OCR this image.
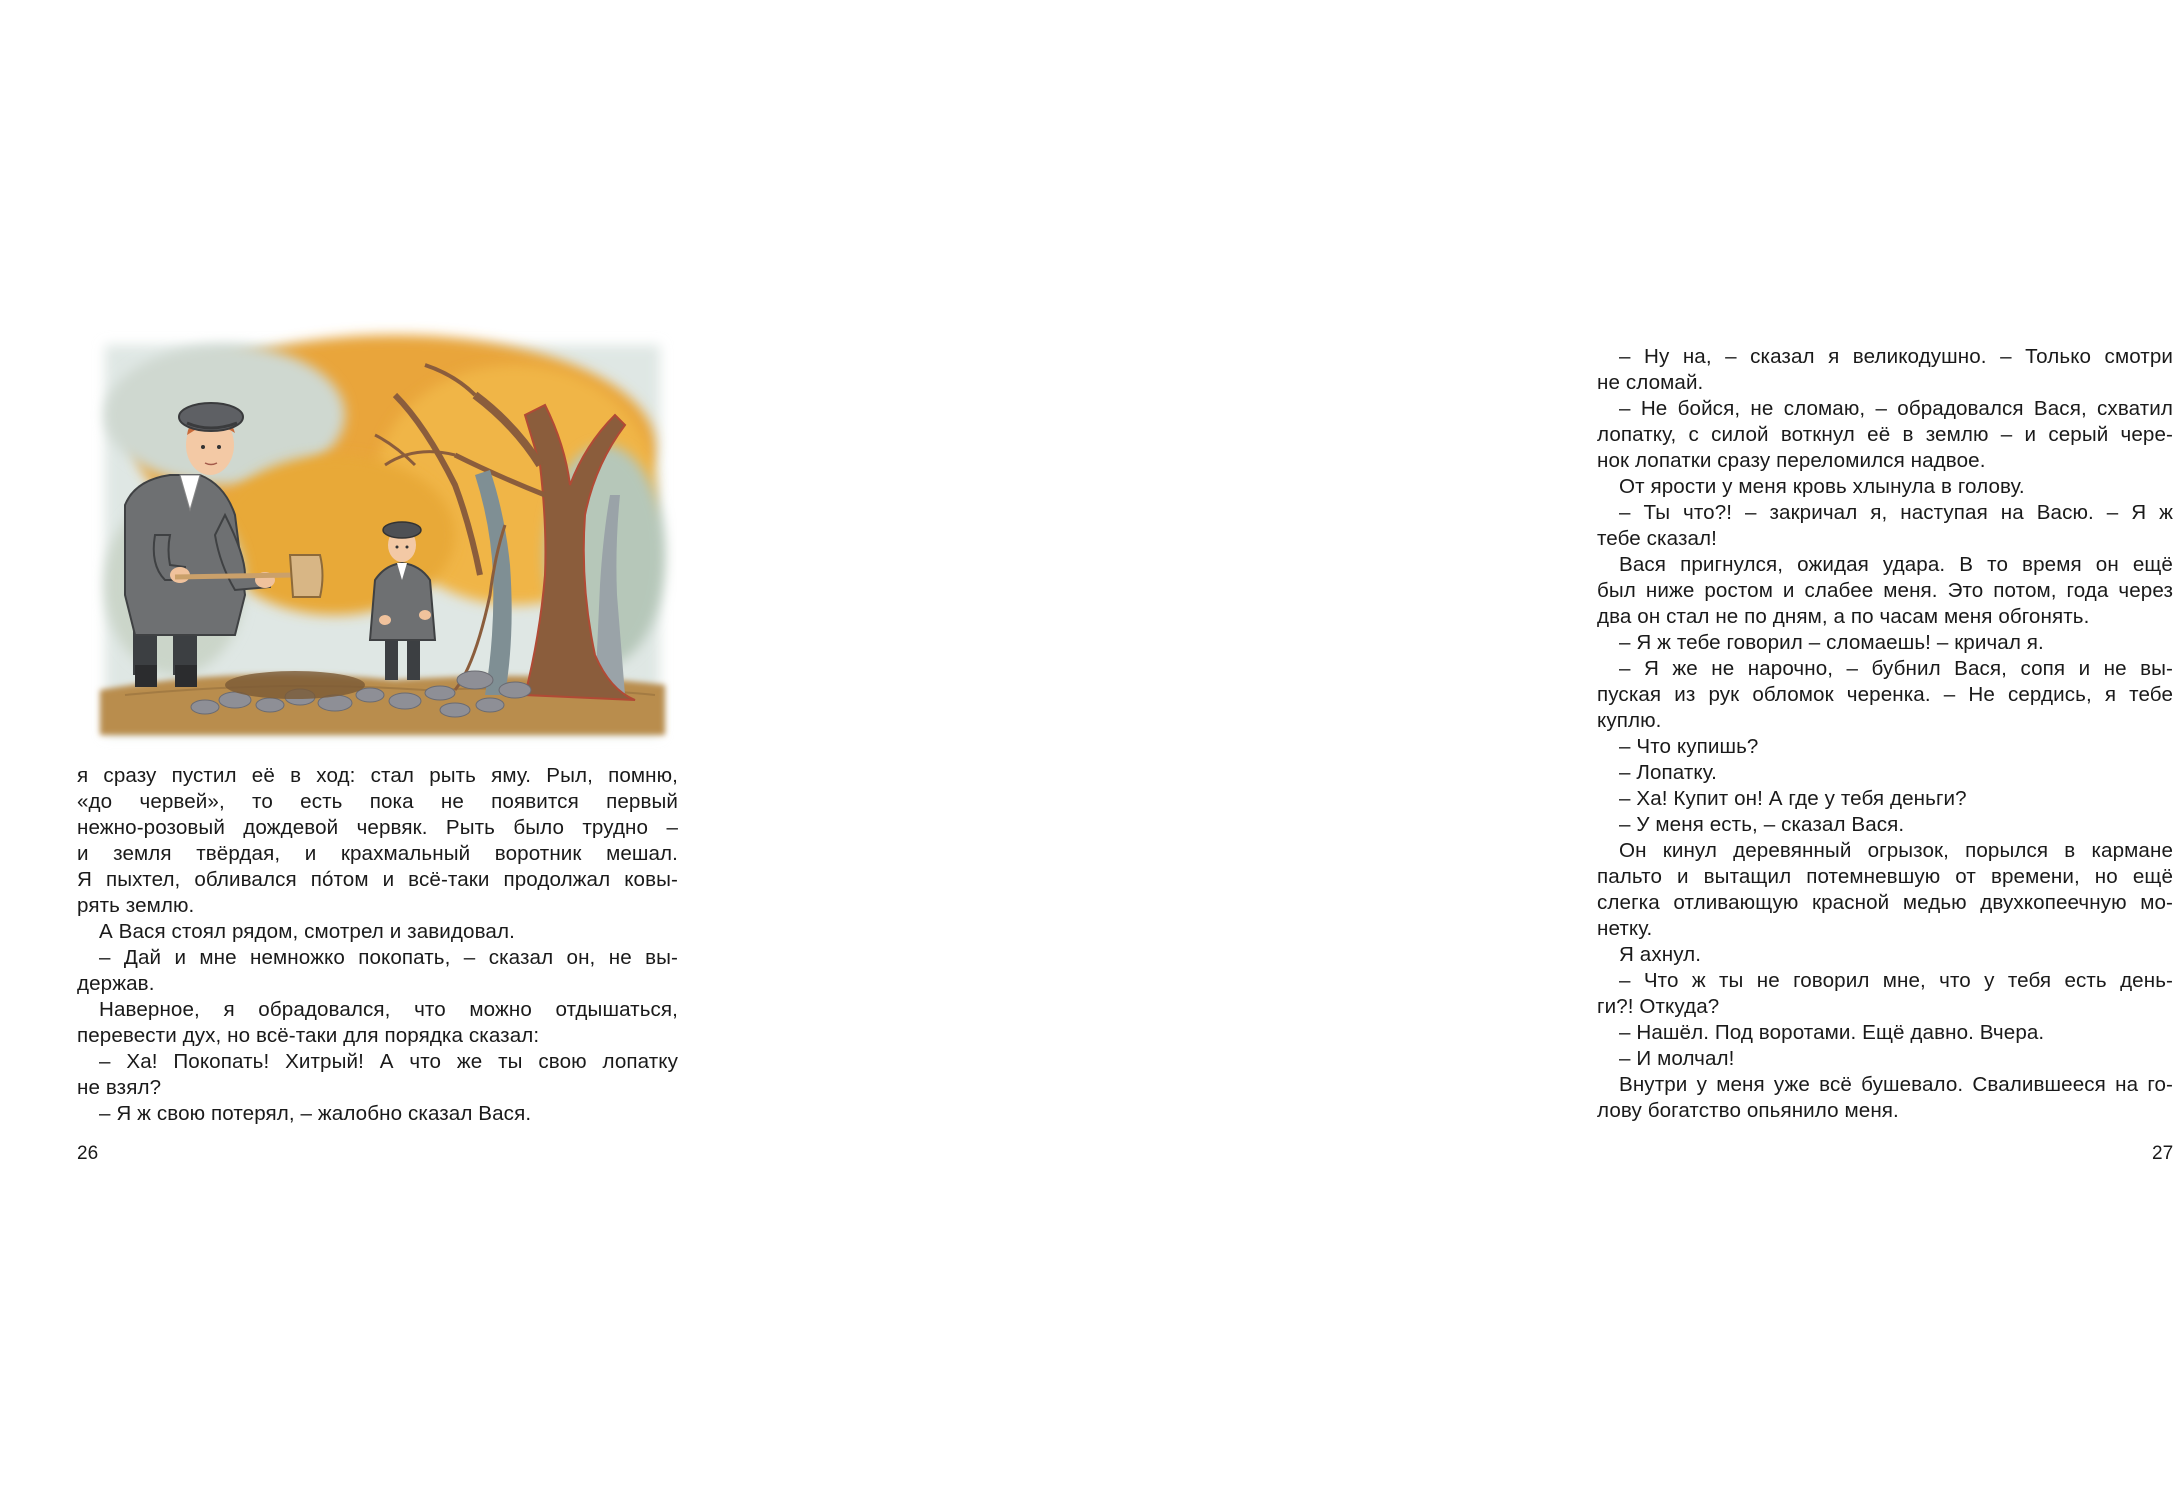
я сразу пустил её в ход: стал рыть яму. Рыл, помню,
«до червей», то есть пока не появится первый
нежно-розовый дождевой червяк. Рыть было трудно –
и земля твёрдая, и крахмальный воротник мешал.
Я пыхтел, обливался пóтом и всё-таки продолжал ковы-
рять землю.
А Вася стоял рядом, смотрел и завидовал.
– Дай и мне немножко покопать, – сказал он, не вы-
держав.
Наверное, я обрадовался, что можно отдышаться,
перевести дух, но всё-таки для порядка сказал:
– Ха! Покопать! Хитрый! А что же ты свою лопатку
не взял?
– Я ж свою потерял, – жалобно сказал Вася.
26
– Ну на, – сказал я великодушно. – Только смотри
не сломай.
– Не бойся, не сломаю, – обрадовался Вася, схватил
лопатку, с силой воткнул её в землю – и серый чере-
нок лопатки сразу переломился надвое.
От ярости у меня кровь хлынула в голову.
– Ты что?! – закричал я, наступая на Васю. – Я ж
тебе сказал!
Вася пригнулся, ожидая удара. В то время он ещё
был ниже ростом и слабее меня. Это потом, года через
два он стал не по дням, а по часам меня обгонять.
– Я ж тебе говорил – сломаешь! – кричал я.
– Я же не нарочно, – бубнил Вася, сопя и не вы-
пуская из рук обломок черенка. – Не сердись, я тебе
куплю.
– Что купишь?
– Лопатку.
– Ха! Купит он! А где у тебя деньги?
– У меня есть, – сказал Вася.
Он кинул деревянный огрызок, порылся в кармане
пальто и вытащил потемневшую от времени, но ещё
слегка отливающую красной медью двухкопеечную мо-
нетку.
Я ахнул.
– Что ж ты не говорил мне, что у тебя есть день-
ги?! Откуда?
– Нашёл. Под воротами. Ещё давно. Вчера.
– И молчал!
Внутри у меня уже всё бушевало. Свалившееся на го-
лову богатство опьянило меня.
27
